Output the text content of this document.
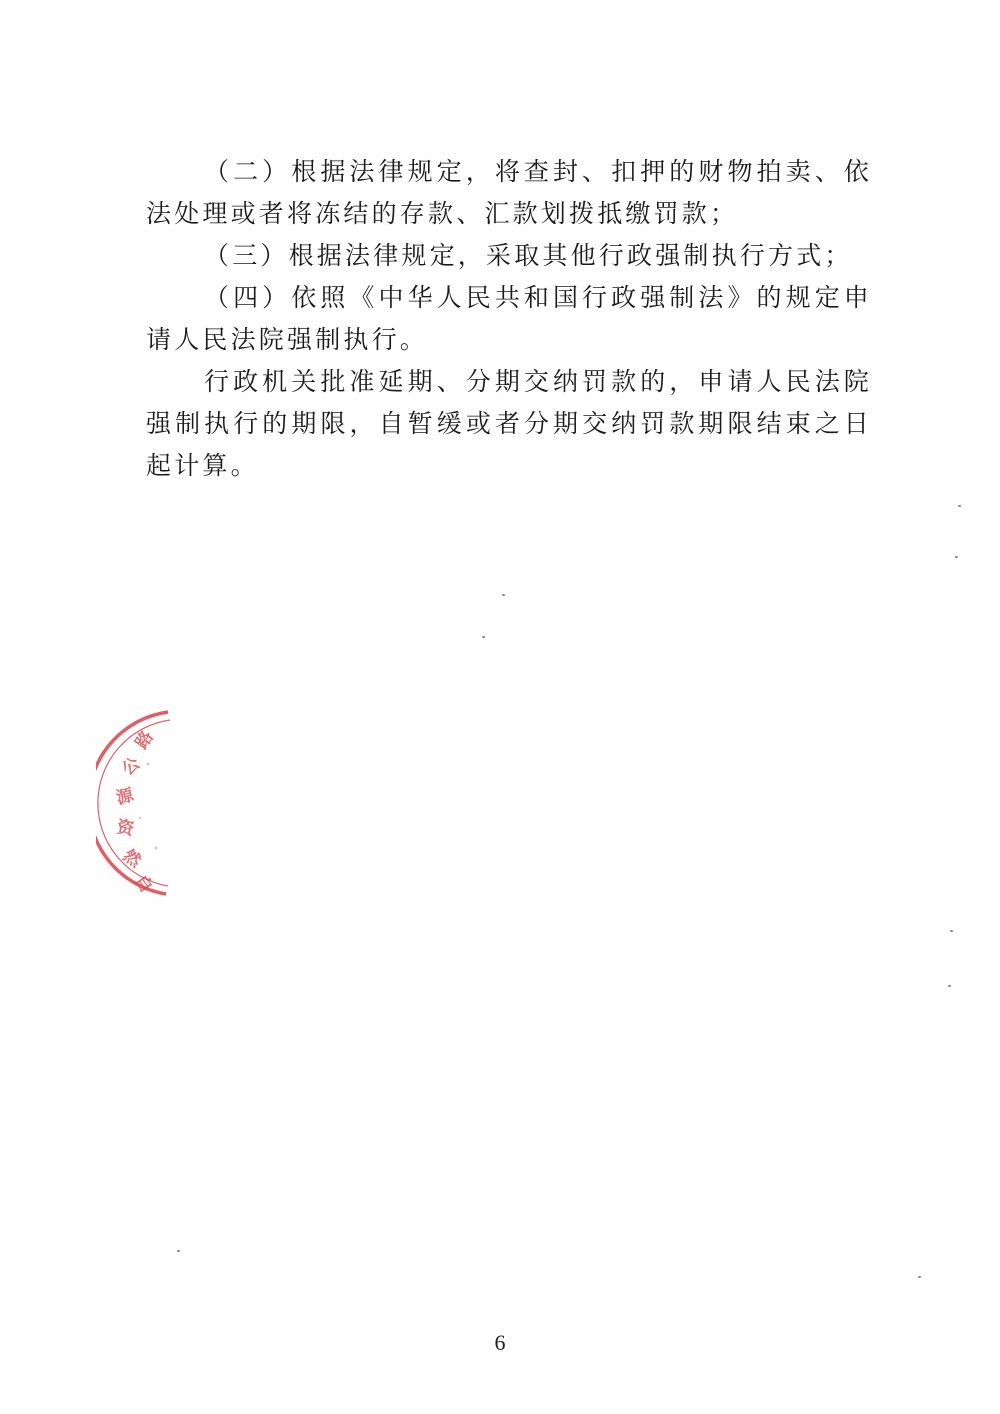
（二）根据法律规定，将查封、扣押的财物拍卖、依法处理或者将冻结的存款、汇款划拨抵缴罚款；

（三）根据法律规定，采取其他行政强制执行方式；

（四）依照《中华人民共和国行政强制法》的规定申请人民法院强制执行。

行政机关批准延期、分期交纳罚款的，申请人民法院强制执行的期限，自暂缓或者分期交纳罚款期限结束之日起计算。

路
公
源
资
然
自
6
